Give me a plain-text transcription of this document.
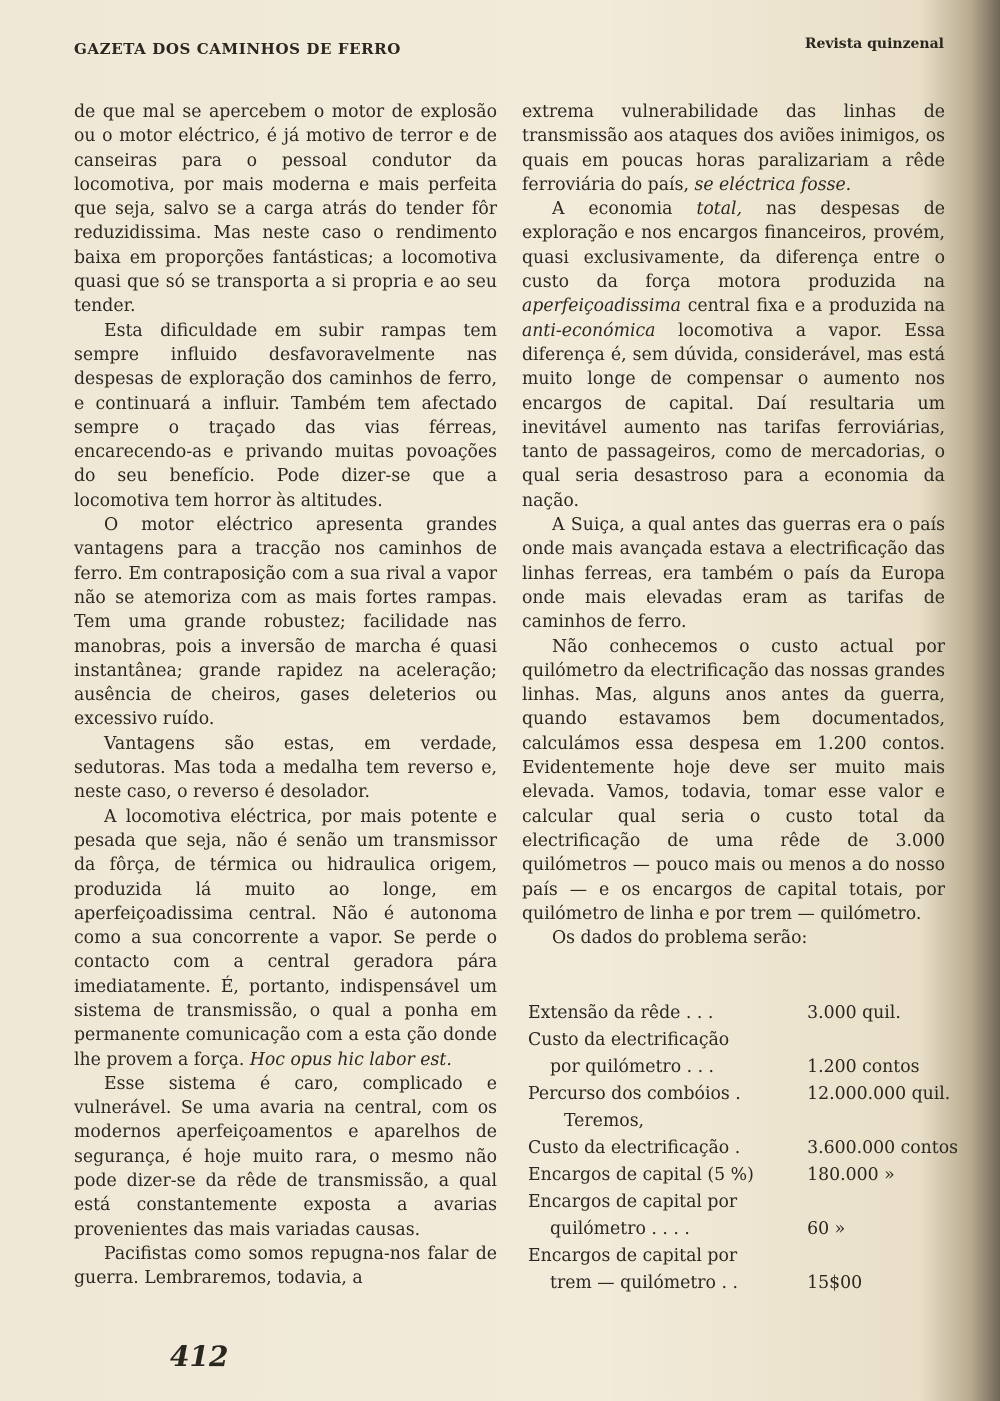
GAZETA DOS CAMINHOS DE FERRO	Revista quinzenal

de que mal se apercebem o motor de explosão ou o motor eléctrico, é já motivo de terror e de canseiras para o pessoal condutor da locomotiva, por mais moderna e mais perfeita que seja, salvo se a carga atrás do tender fôr reduzidissima. Mas neste caso o rendimento baixa em proporções fantásticas; a locomotiva quasi que só se transporta a si propria e ao seu tender.

Esta dificuldade em subir rampas tem sempre influido desfavoravelmente nas despesas de exploração dos caminhos de ferro, e continuará a influir. Também tem afectado sempre o traçado das vias férreas, encarecendo-as e privando muitas povoações do seu benefício. Pode dizer-se que a locomotiva tem horror às altitudes.

O motor eléctrico apresenta grandes vantagens para a tracção nos caminhos de ferro. Em contraposição com a sua rival a vapor não se atemoriza com as mais fortes rampas. Tem uma grande robustez; facilidade nas manobras, pois a inversão de marcha é quasi instantânea; grande rapidez na aceleração; ausência de cheiros, gases deleterios ou excessivo ruído.

Vantagens são estas, em verdade, sedutoras. Mas toda a medalha tem reverso e, neste caso, o reverso é desolador.

A locomotiva eléctrica, por mais potente e pesada que seja, não é senão um transmissor da fôrça, de térmica ou hidraulica origem, produzida lá muito ao longe, em aperfeiçoadissima central. Não é autonoma como a sua concorrente a vapor. Se perde o contacto com a central geradora pára imediatamente. É, portanto, indispensável um sistema de transmissão, o qual a ponha em permanente comunicação com a esta ção donde lhe provem a força. Hoc opus hic labor est.

Esse sistema é caro, complicado e vulnerável. Se uma avaria na central, com os modernos aperfeiçoamentos e aparelhos de segurança, é hoje muito rara, o mesmo não pode dizer-se da rêde de transmissão, a qual está constantemente exposta a avarias provenientes das mais variadas causas.

Pacifistas como somos repugna-nos falar de guerra. Lembraremos, todavia, a

extrema vulnerabilidade das linhas de transmissão aos ataques dos aviões inimigos, os quais em poucas horas paralizariam a rêde ferroviária do país, se eléctrica fosse.

A economia total, nas despesas de exploração e nos encargos financeiros, provém, quasi exclusivamente, da diferença entre o custo da força motora produzida na aperfeiçoadissima central fixa e a produzida na anti-económica locomotiva a vapor. Essa diferença é, sem dúvida, considerável, mas está muito longe de compensar o aumento nos encargos de capital. Daí resultaria um inevitável aumento nas tarifas ferroviárias, tanto de passageiros, como de mercadorias, o qual seria desastroso para a economia da nação.

A Suiça, a qual antes das guerras era o país onde mais avançada estava a electrificação das linhas ferreas, era também o país da Europa onde mais elevadas eram as tarifas de caminhos de ferro.

Não conhecemos o custo actual por quilómetro da electrificação das nossas grandes linhas. Mas, alguns anos antes da guerra, quando estavamos bem documentados, calculámos essa despesa em 1.200 contos. Evidentemente hoje deve ser muito mais elevada. Vamos, todavia, tomar esse valor e calcular qual seria o custo total da electrificação de uma rêde de 3.000 quilómetros — pouco mais ou menos a do nosso país — e os encargos de capital totais, por quilómetro de linha e por trem — quilómetro.

Os dados do problema serão:

Extensão da rêde . . .	3.000 quil.
Custo da electrificação	
por quilómetro . . .	1.200 contos
Percurso dos combóios .	12.000.000 quil.
Teremos,	
Custo da electrificação .	3.600.000 contos
Encargos de capital (5 %)	180.000 »
Encargos de capital por	
quilómetro . . . .	60 »
Encargos de capital por	
trem — quilómetro . .	15$00
412
